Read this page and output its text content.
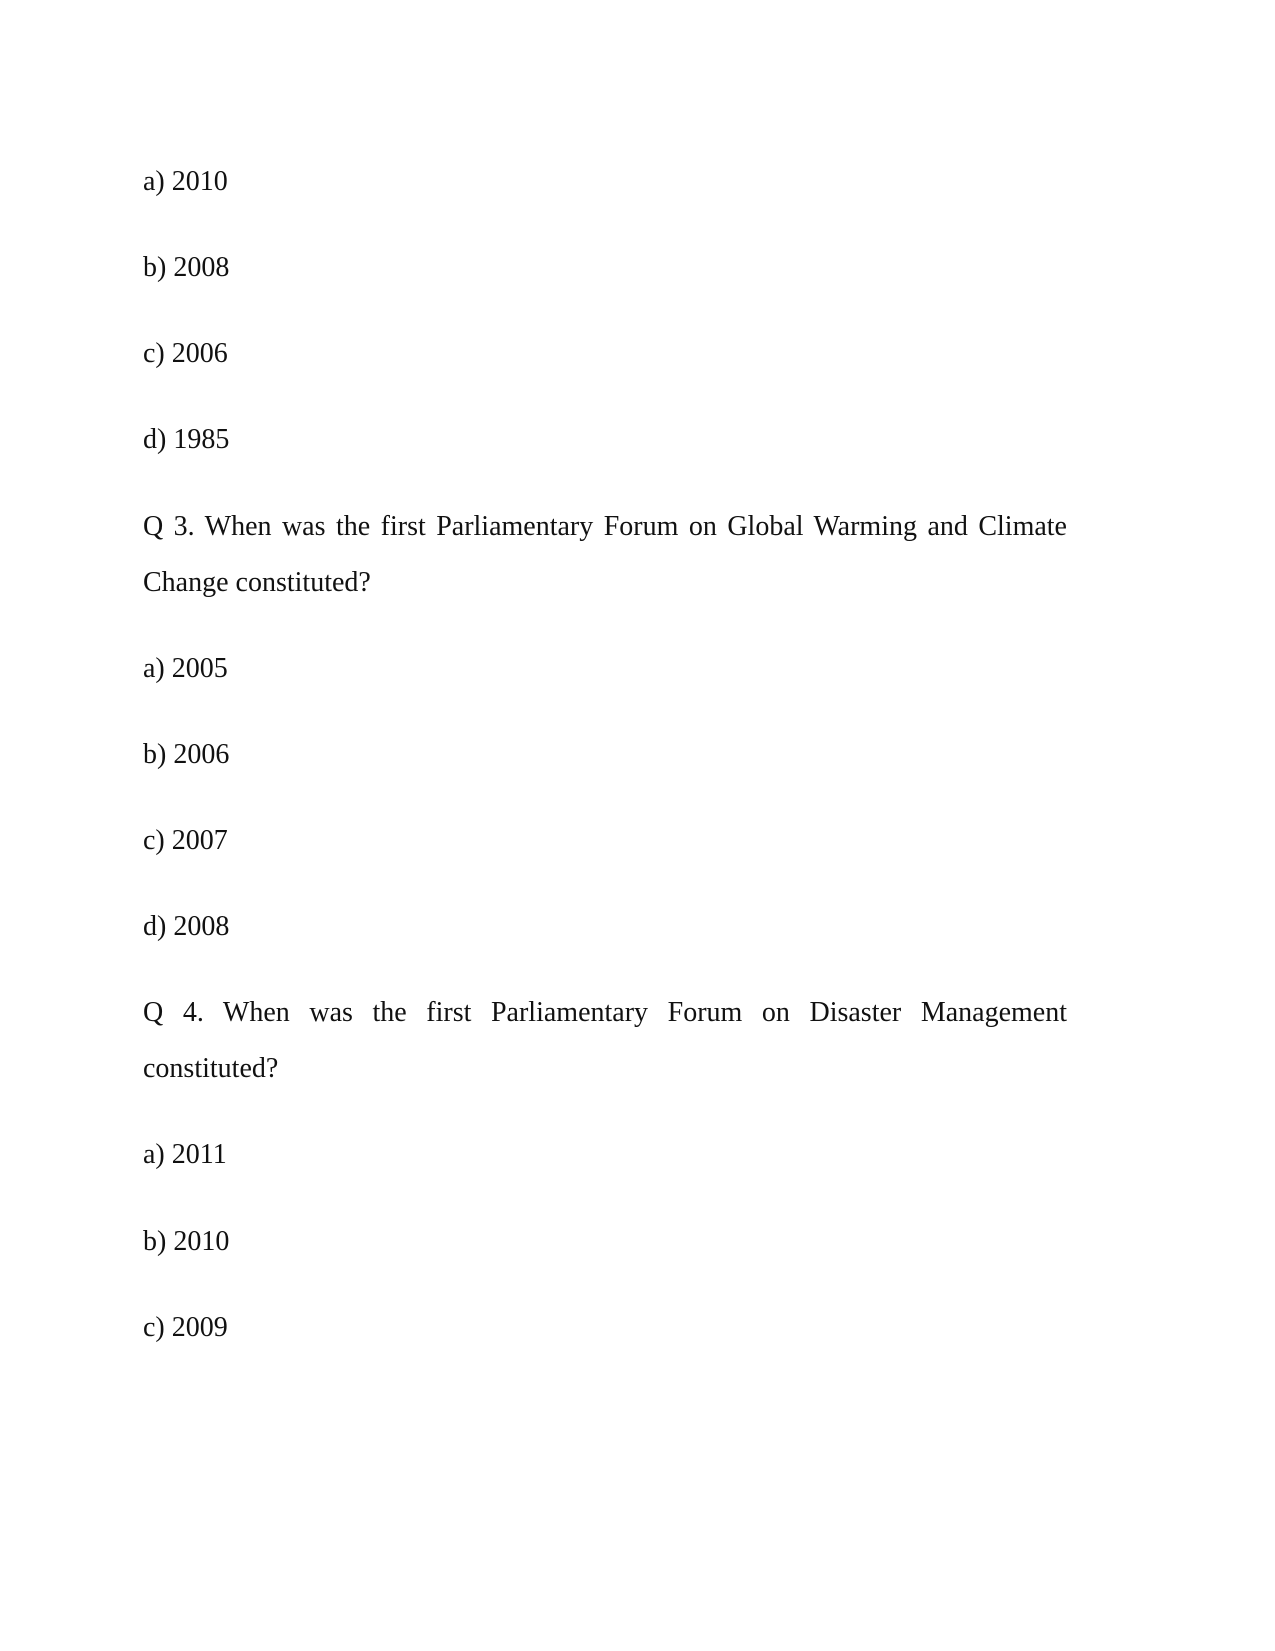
a) 2010
b) 2008
c) 2006
d) 1985
Q 3. When was the first Parliamentary Forum on Global Warming and Climate
Change constituted?
a) 2005
b) 2006
c) 2007
d) 2008
Q 4. When was the first Parliamentary Forum on Disaster Management
constituted?
a) 2011
b) 2010
c) 2009
